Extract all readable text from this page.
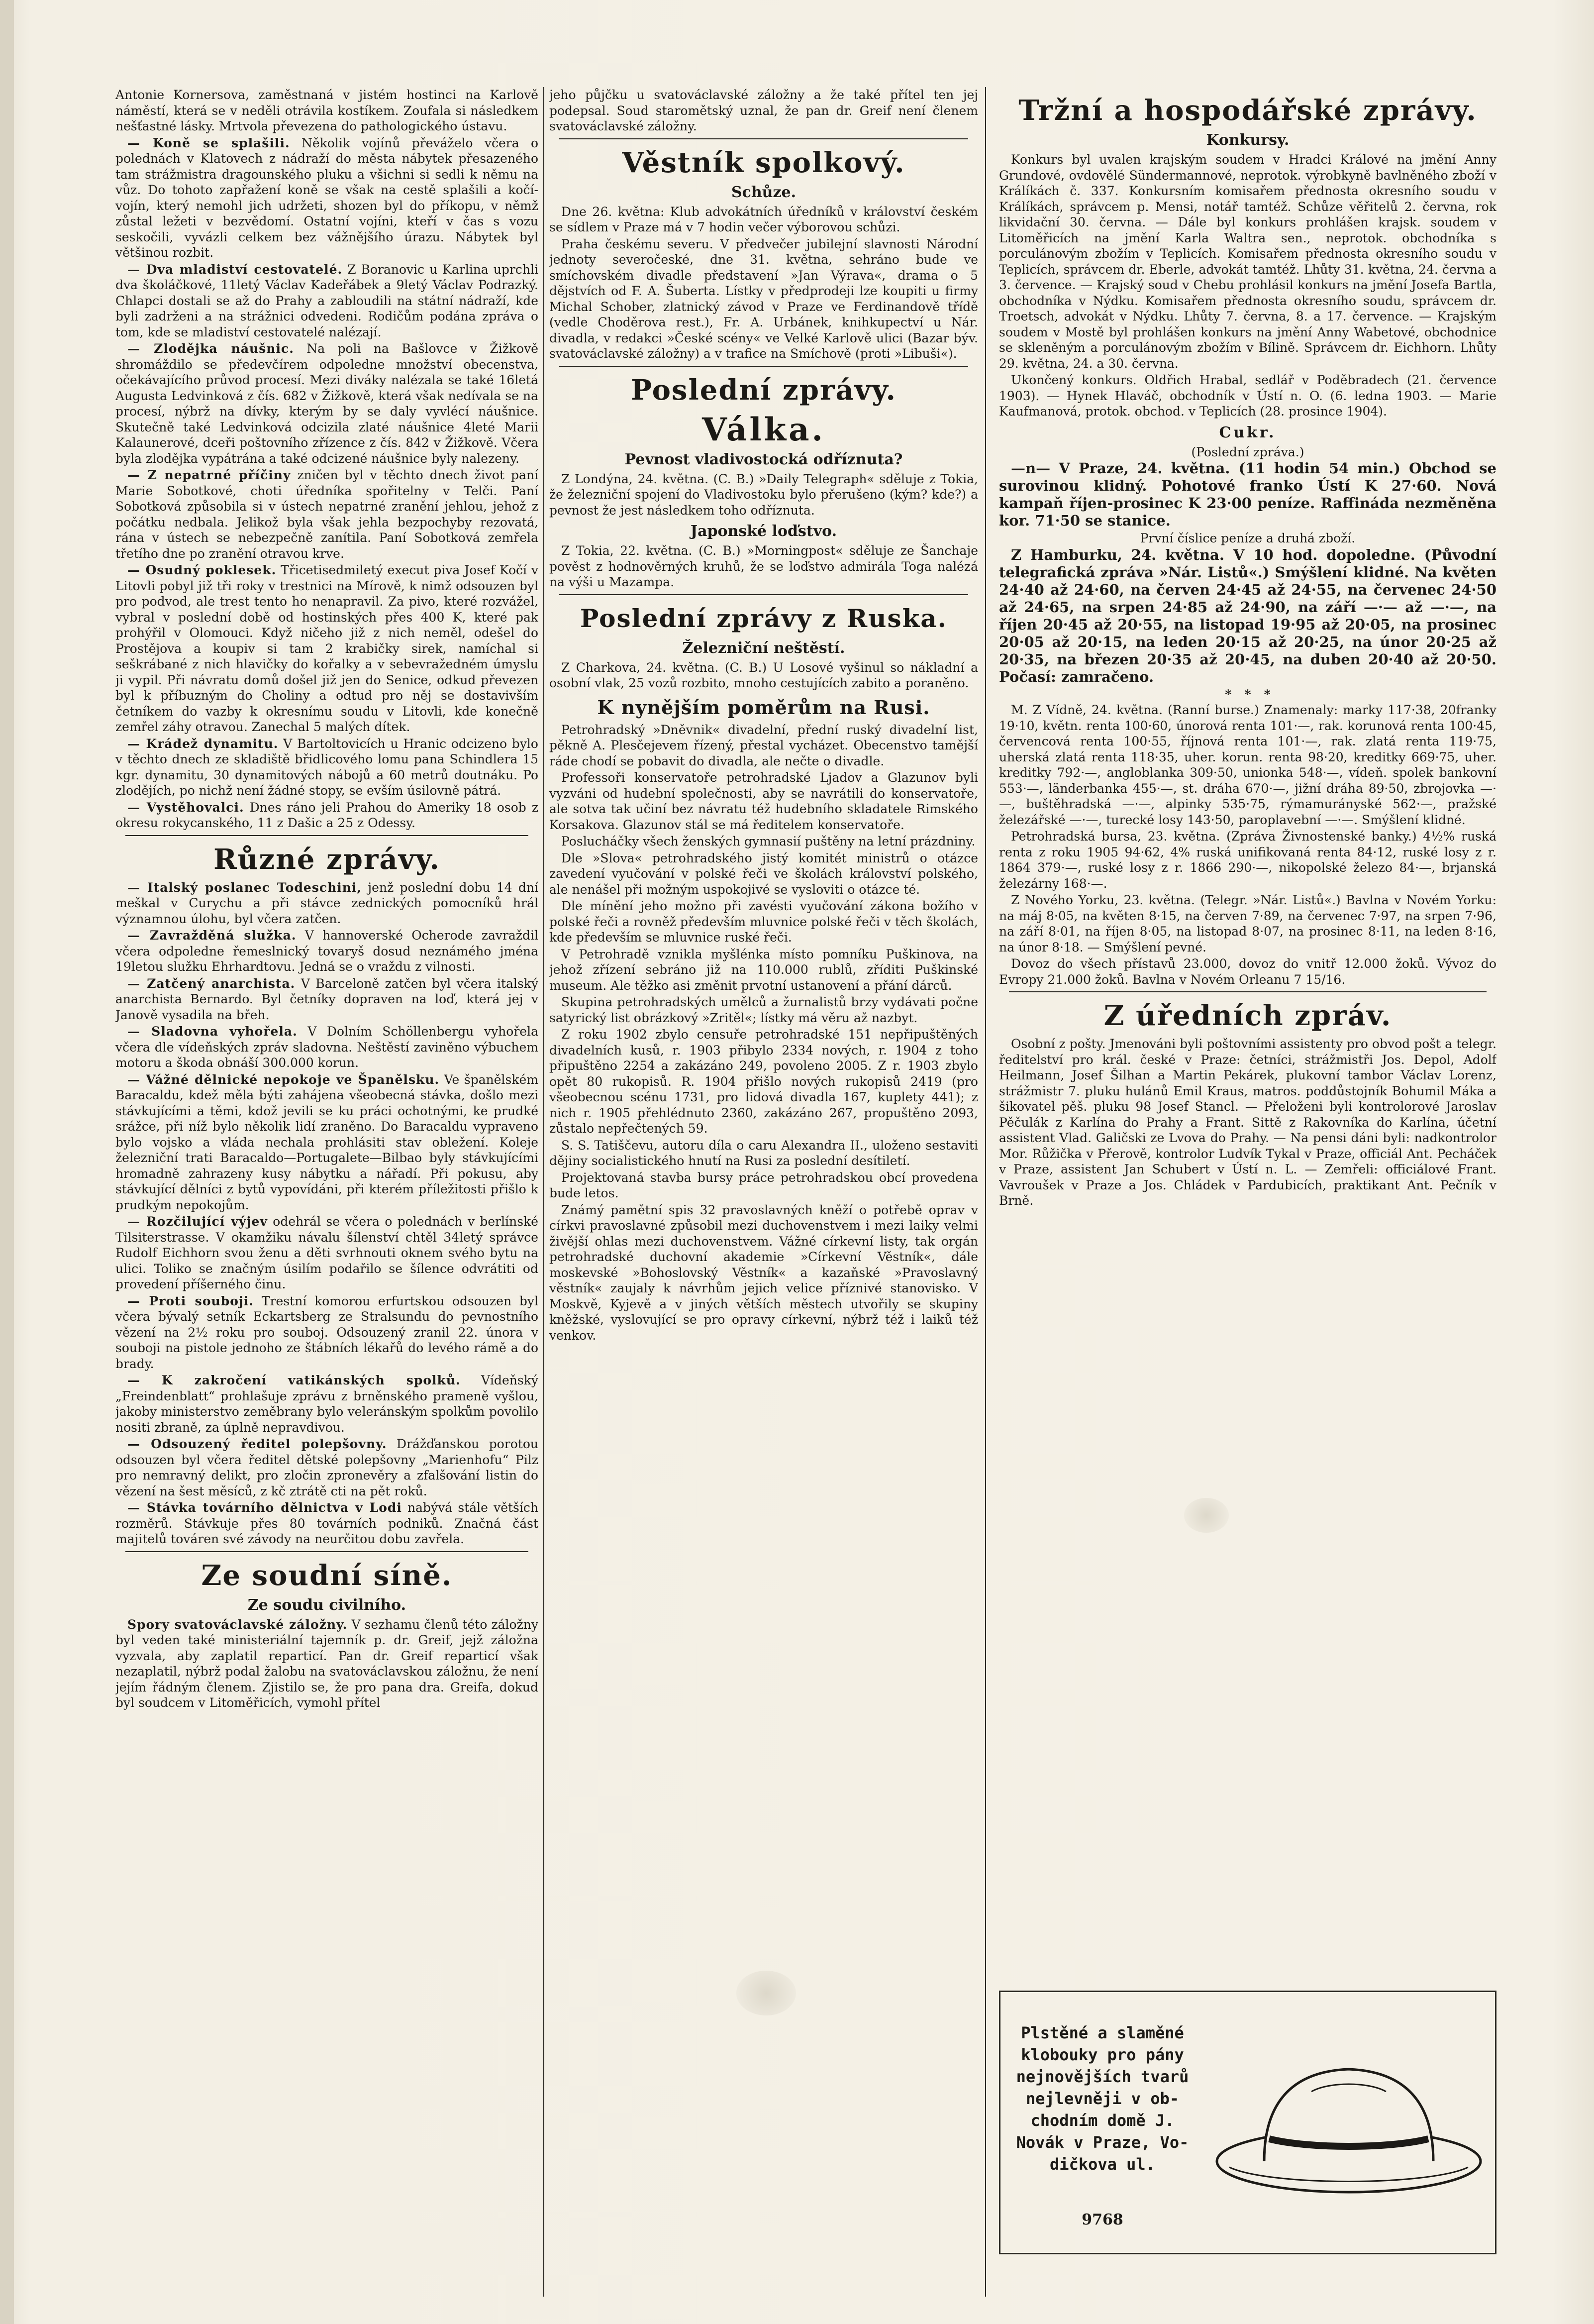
Antonie Kornersova, zaměstnaná v jistém hostinci na Karlově náměstí, která se v neděli otrávila kostíkem. Zoufala si následkem nešťastné lásky. Mrtvola převezena do pathologického ústavu.

— Koně se splašili. Několik vojínů převáželo včera o polednách v Klatovech z nádraží do města nábytek přesazeného tam strážmistra dragounského pluku a všichni si sedli k němu na vůz. Do tohoto zapřažení koně se však na cestě splašili a kočí-vojín, který nemohl jich udržeti, shozen byl do příkopu, v němž zůstal ležeti v bezvědomí. Ostatní vojíni, kteří v čas s vozu seskočili, vyvázli celkem bez vážnějšího úrazu. Nábytek byl většinou rozbit.

— Dva mladiství cestovatelé. Z Boranovic u Karlina uprchli dva školáčkové, 11letý Václav Kadeřábek a 9letý Václav Podrazký. Chlapci dostali se až do Prahy a zabloudili na státní nádraží, kde byli zadrženi a na strážnici odvedeni. Rodičům podána zpráva o tom, kde se mladiství cestovatelé nalézají.

— Zlodějka náušnic. Na poli na Bašlovce v Žižkově shromáždilo se předevčírem odpoledne množství obecenstva, očekávajícího průvod procesí. Mezi diváky nalézala se také 16letá Augusta Ledvinková z čís. 682 v Žižkově, která však nedívala se na procesí, nýbrž na dívky, kterým by se daly vyvlécí náušnice. Skutečně také Ledvinková odcizila zlaté náušnice 4leté Marii Kalaunerové, dceři poštovního zřízence z čís. 842 v Žižkově. Včera byla zlodějka vypátrána a také odcizené náušnice byly nalezeny.

— Z nepatrné příčiny zničen byl v těchto dnech život paní Marie Sobotkové, choti úředníka spořitelny v Telči. Paní Sobotková způsobila si v ústech nepatrné zranění jehlou, jehož z počátku nedbala. Jelikož byla však jehla bezpochyby rezovatá, rána v ústech se nebezpečně zanítila. Paní Sobotková zemřela třetího dne po zranění otravou krve.

— Osudný poklesek. Třicetisedmiletý execut piva Josef Kočí v Litovli pobyl již tři roky v trestnici na Mírově, k nimž odsouzen byl pro podvod, ale trest tento ho nenapravil. Za pivo, které rozvážel, vybral v poslední době od hostinských přes 400 K, které pak prohýřil v Olomouci. Když ničeho již z nich neměl, odešel do Prostějova a koupiv si tam 2 krabičky sirek, namíchal si seškrábané z nich hlavičky do kořalky a v sebevražedném úmyslu ji vypil. Při návratu domů došel již jen do Senice, odkud převezen byl k příbuzným do Choliny a odtud pro něj se dostavivším četníkem do vazby k okresnímu soudu v Litovli, kde konečně zemřel záhy otravou. Zanechal 5 malých dítek.

— Krádež dynamitu. V Bartoltovicích u Hranic odcizeno bylo v těchto dnech ze skladiště břidlicového lomu pana Schindlera 15 kgr. dynamitu, 30 dynamitových nábojů a 60 metrů doutnáku. Po zlodějích, po nichž není žádné stopy, se evším úsilovně pátrá.

— Vystěhovalci. Dnes ráno jeli Prahou do Ameriky 18 osob z okresu rokycanského, 11 z Dašic a 25 z Odessy.

Různé zprávy.

— Italský poslanec Todeschini, jenž poslední dobu 14 dní meškal v Curychu a při stávce zednických pomocníků hrál významnou úlohu, byl včera zatčen.

— Zavražděná služka. V hannoverské Ocherode zavraždil včera odpoledne řemeslnický tovaryš dosud neznámého jména 19letou služku Ehrhardtovu. Jedná se o vraždu z vilnosti.

— Zatčený anarchista. V Barceloně zatčen byl včera italský anarchista Bernardo. Byl četníky dopraven na loď, která jej v Janově vysadila na břeh.

— Sladovna vyhořela. V Dolním Schöllenbergu vyhořela včera dle vídeňských zpráv sladovna. Neštěstí zaviněno výbuchem motoru a škoda obnáší 300.000 korun.

— Vážné dělnické nepokoje ve Španělsku. Ve španělském Baracaldu, kdež měla býti zahájena všeobecná stávka, došlo mezi stávkujícími a těmi, kdož jevili se ku práci ochotnými, ke prudké srážce, při níž bylo několik lidí zraněno. Do Baracaldu vypraveno bylo vojsko a vláda nechala prohlásiti stav obležení. Koleje železniční trati Baracaldo—Portugalete—Bilbao byly stávkujícími hromadně zahrazeny kusy nábytku a nářadí. Při pokusu, aby stávkující dělníci z bytů vypovídáni, při kterém příležitosti přišlo k prudkým nepokojům.

— Rozčilující výjev odehrál se včera o polednách v berlínské Tilsiterstrasse. V okamžiku návalu šílenství chtěl 34letý správce Rudolf Eichhorn svou ženu a děti svrhnouti oknem svého bytu na ulici. Toliko se značným úsilím podařilo se šílence odvrátiti od provedení příšerného činu.

— Proti souboji. Trestní komorou erfurtskou odsouzen byl včera bývalý setník Eckartsberg ze Stralsundu do pevnostního vězení na 2½ roku pro souboj. Odsouzený zranil 22. února v souboji na pistole jednoho ze štábních lékařů do levého rámě a do brady.

— K zakročení vatikánských spolků. Vídeňský „Freindenblatt“ prohlašuje zprávu z brněnského prameně vyšlou, jakoby ministerstvo zeměbrany bylo veleránským spolkům povolilo nositi zbraně, za úplně nepravdivou.

— Odsouzený ředitel polepšovny. Drážďanskou porotou odsouzen byl včera ředitel dětské polepšovny „Marienhofu“ Pilz pro nemravný delikt, pro zločin zpronevěry a zfalšování listin do vězení na šest měsíců, z kč ztrátě cti na pět roků.

— Stávka továrního dělnictva v Lodi nabývá stále větších rozměrů. Stávkuje přes 80 továrních podniků. Značná část majitelů továren své závody na neurčitou dobu zavřela.

Ze soudní síně.
Ze soudu civilního.

Spory svatováclavské záložny. V sezhamu členů této záložny byl veden také ministeriální tajemník p. dr. Greif, jejž záložna vyzvala, aby zaplatil reparticí. Pan dr. Greif reparticí však nezaplatil, nýbrž podal žalobu na svatováclavskou záložnu, že není jejím řádným členem. Zjistilo se, že pro pana dra. Greifa, dokud byl soudcem v Litoměřicích, vymohl přítel

jeho půjčku u svatováclavské záložny a že také přítel ten jej podepsal. Soud staromětský uznal, že pan dr. Greif není členem svatováclavské záložny.

Věstník spolkový.
Schůze.

Dne 26. května: Klub advokátních úředníků v království českém se sídlem v Praze má v 7 hodin večer výborovou schůzi.

Praha českému severu. V předvečer jubilejní slavnosti Národní jednoty severočeské, dne 31. května, sehráno bude ve smíchovském divadle představení »Jan Výrava«, drama o 5 dějstvích od F. A. Šuberta. Lístky v předprodeji lze koupiti u firmy Michal Schober, zlatnický závod v Praze ve Ferdinandově třídě (vedle Choděrova rest.), Fr. A. Urbánek, knihkupectví u Nár. divadla, v redakci »České scény« ve Velké Karlově ulici (Bazar býv. svatováclavské záložny) a v trafice na Smíchově (proti »Libuši«).

Poslední zprávy.
Válka.
Pevnost vladivostocká odříznuta?

Z Londýna, 24. května. (C. B.) »Daily Telegraph« sděluje z Tokia, že železniční spojení do Vladivostoku bylo přerušeno (kým? kde?) a pevnost že jest následkem toho odříznuta.

Japonské loďstvo.

Z Tokia, 22. května. (C. B.) »Morningpost« sděluje ze Šanchaje pověst z hodnověrných kruhů, že se loďstvo admirála Toga nalézá na výši u Mazampa.

Poslední zprávy z Ruska.
Železniční neštěstí.

Z Charkova, 24. května. (C. B.) U Losové vyšinul so nákladní a osobní vlak, 25 vozů rozbito, mnoho cestujících zabito a poraněno.

K nynějším poměrům na Rusi.

Petrohradský »Dněvnik« divadelní, přední ruský divadelní list, pěkně A. Plesčejevem řízený, přestal vycházet. Obecenstvo tamější ráde chodí se pobavit do divadla, ale nečte o divadle.

Professoři konservatoře petrohradské Ljadov a Glazunov byli vyzváni od hudební společnosti, aby se navrátili do konservatoře, ale sotva tak učiní bez návratu též hudebního skladatele Rimského Korsakova. Glazunov stál se má ředitelem konservatoře.

Poslucháčky všech ženských gymnasií puštěny na letní prázdniny.

Dle »Slova« petrohradského jistý komitét ministrů o otázce zavedení vyučování v polské řeči ve školách království polského, ale nenášel při možným uspokojivé se vysloviti o otázce té.

Dle mínění jeho možno při zavésti vyučování zákona božího v polské řeči a rovněž především mluvnice polské řeči v těch školách, kde především se mluvnice ruské řeči.

V Petrohradě vznikla myšlénka místo pomníku Puškinova, na jehož zřízení sebráno již na 110.000 rublů, zříditi Puškinské museum. Ale těžko asi změnit prvotní ustanovení a přání dárců.

Skupina petrohradských umělců a žurnalistů brzy vydávati počne satyrický list obrázkový »Zritěl«; lístky má věru až nazbyt.

Z roku 1902 zbylo censuře petrohradské 151 nepřipuštěných divadelních kusů, r. 1903 přibylo 2334 nových, r. 1904 z toho připuštěno 2254 a zakázáno 249, povoleno 2005. Z r. 1903 zbylo opět 80 rukopisů. R. 1904 přišlo nových rukopisů 2419 (pro všeobecnou scénu 1731, pro lidová divadla 167, kuplety 441); z nich r. 1905 přehlédnuto 2360, zakázáno 267, propuštěno 2093, zůstalo nepřečtených 59.

S. S. Tatiščevu, autoru díla o caru Alexandra II., uloženo sestaviti dějiny socialistického hnutí na Rusi za poslední desítiletí.

Projektovaná stavba bursy práce petrohradskou obcí provedena bude letos.

Známý pamětní spis 32 pravoslavných kněží o potřebě oprav v církvi pravoslavné způsobil mezi duchovenstvem i mezi laiky velmi živější ohlas mezi duchovenstvem. Vážné církevní listy, tak orgán petrohradské duchovní akademie »Církevní Věstník«, dále moskevské »Bohoslovský Věstník« a kazaňské »Pravoslavný věstník« zaujaly k návrhům jejich velice příznivé stanovisko. V Moskvě, Kyjevě a v jiných větších městech utvořily se skupiny kněžské, vyslovující se pro opravy církevní, nýbrž též i laiků též venkov.

Tržní a hospodářské zprávy.
Konkursy.

Konkurs byl uvalen krajským soudem v Hradci Králové na jmění Anny Grundové, ovdovělé Sündermannové, neprotok. výrobkyně bavlněného zboží v Králíkách č. 337. Konkursním komisařem přednosta okresního soudu v Králíkách, správcem p. Mensi, notář tamtéž. Schůze věřitelů 2. června, rok likvidační 30. června. — Dále byl konkurs prohlášen krajsk. soudem v Litoměřicích na jmění Karla Waltra sen., neprotok. obchodníka s porculánovým zbožím v Teplicích. Komisařem přednosta okresního soudu v Teplicích, správcem dr. Eberle, advokát tamtéž. Lhůty 31. května, 24. června a 3. července. — Krajský soud v Chebu prohlásil konkurs na jmění Josefa Bartla, obchodníka v Nýdku. Komisařem přednosta okresního soudu, správcem dr. Troetsch, advokát v Nýdku. Lhůty 7. června, 8. a 17. července. — Krajským soudem v Mostě byl prohlášen konkurs na jmění Anny Wabetové, obchodnice se skleněným a porculánovým zbožím v Bílině. Správcem dr. Eichhorn. Lhůty 29. května, 24. a 30. června.

Ukončený konkurs. Oldřich Hrabal, sedlář v Poděbradech (21. července 1903). — Hynek Hlaváč, obchodník v Ústí n. O. (6. ledna 1903. — Marie Kaufmanová, protok. obchod. v Teplicích (28. prosince 1904).

Cukr.
(Poslední zpráva.)

—n— V Praze, 24. května. (11 hodin 54 min.) Obchod se surovinou klidný. Pohotové franko Ústí K 27·60. Nová kampaň říjen-prosinec K 23·00 peníze. Raffináda nezměněna kor. 71·50 se stanice.

První číslice peníze a druhá zboží.

Z Hamburku, 24. května. V 10 hod. dopoledne. (Původní telegrafická zpráva »Nár. Listů«.) Smýšlení klidné. Na květen 24·40 až 24·60, na červen 24·45 až 24·55, na červenec 24·50 až 24·65, na srpen 24·85 až 24·90, na září —·— až —·—, na říjen 20·45 až 20·55, na listopad 19·95 až 20·05, na prosinec 20·05 až 20·15, na leden 20·15 až 20·25, na únor 20·25 až 20·35, na březen 20·35 až 20·45, na duben 20·40 až 20·50. Počasí: zamračeno.

*   *   *

M. Z Vídně, 24. května. (Ranní burse.) Znamenaly: marky 117·38, 20franky 19·10, květn. renta 100·60, únorová renta 101·—, rak. korunová renta 100·45, červencová renta 100·55, říjnová renta 101·—, rak. zlatá renta 119·75, uherská zlatá renta 118·35, uher. korun. renta 98·20, kreditky 669·75, uher. kreditky 792·—, angloblanka 309·50, unionka 548·—, vídeň. spolek bankovní 553·—, länderbanka 455·—, st. dráha 670·—, jižní dráha 89·50, zbrojovka —·—, buštěhradská —·—, alpinky 535·75, rýmamurányské 562·—, pražské železářské —·—, turecké losy 143·50, paroplavební —·—. Smýšlení klidné.

Petrohradská bursa, 23. května. (Zpráva Živnostenské banky.) 4½% ruská renta z roku 1905 94·62, 4% ruská unifikovaná renta 84·12, ruské losy z r. 1864 379·—, ruské losy z r. 1866 290·—, nikopolské železo 84·—, brjanská železárny 168·—.

Z Nového Yorku, 23. května. (Telegr. »Nár. Listů«.) Bavlna v Novém Yorku: na máj 8·05, na květen 8·15, na červen 7·89, na červenec 7·97, na srpen 7·96, na září 8·01, na říjen 8·05, na listopad 8·07, na prosinec 8·11, na leden 8·16, na únor 8·18. — Smýšlení pevné.

Dovoz do všech přístavů 23.000, dovoz do vnitř 12.000 žoků. Vývoz do Evropy 21.000 žoků. Bavlna v Novém Orleanu 7 15/16.

Z úředních zpráv.

Osobní z pošty. Jmenováni byli poštovními assistenty pro obvod pošt a telegr. ředitelství pro král. české v Praze: četníci, strážmistři Jos. Depol, Adolf Heilmann, Josef Šilhan a Martin Pekárek, plukovní tambor Václav Lorenz, strážmistr 7. pluku hulánů Emil Kraus, matros. poddůstojník Bohumil Máka a šikovatel pěš. pluku 98 Josef Stancl. — Přeloženi byli kontrolorové Jaroslav Pěčulák z Karlína do Prahy a Frant. Sittě z Rakovníka do Karlína, účetní assistent Vlad. Galičski ze Lvova do Prahy. — Na pensi dáni byli: nadkontrolor Mor. Růžička v Přerově, kontrolor Ludvík Tykal v Praze, officiál Ant. Pecháček v Praze, assistent Jan Schubert v Ústí n. L. — Zemřeli: officiálové Frant. Vavroušek v Praze a Jos. Chládek v Pardubicích, praktikant Ant. Pečník v Brně.

Plstěné a slaměné
klobouky pro pány
nejnovějších tvarů
nejlevněji v ob-
chodním domě J.
Novák v Praze, Vo-
dičkova ul.
9768
